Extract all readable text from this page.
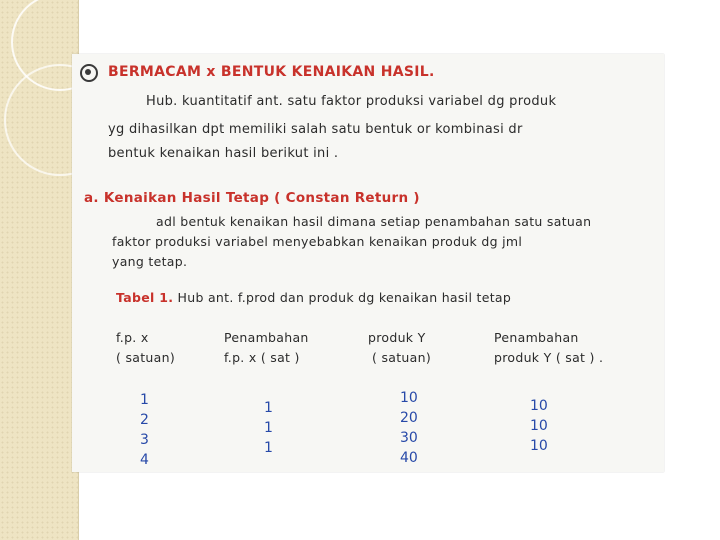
BERMACAM x BENTUK KENAIKAN HASIL.

Hub. kuantitatif ant. satu faktor produksi variabel dg produk

yg dihasilkan dpt memiliki salah satu bentuk or kombinasi dr

bentuk kenaikan hasil berikut ini .

a. Kenaikan Hasil Tetap ( Constan Return )

adl bentuk kenaikan hasil dimana setiap penambahan satu satuan

faktor produksi variabel menyebabkan kenaikan produk dg jml

yang tetap.

Tabel 1. Hub ant. f.prod dan produk dg kenaikan hasil tetap

f.p. x

( satuan)

Penambahan

f.p. x ( sat )

produk Y

( satuan)

Penambahan

produk Y ( sat ) .

1
2
3
4
1
1
1
10
20
30
40
10
10
10
